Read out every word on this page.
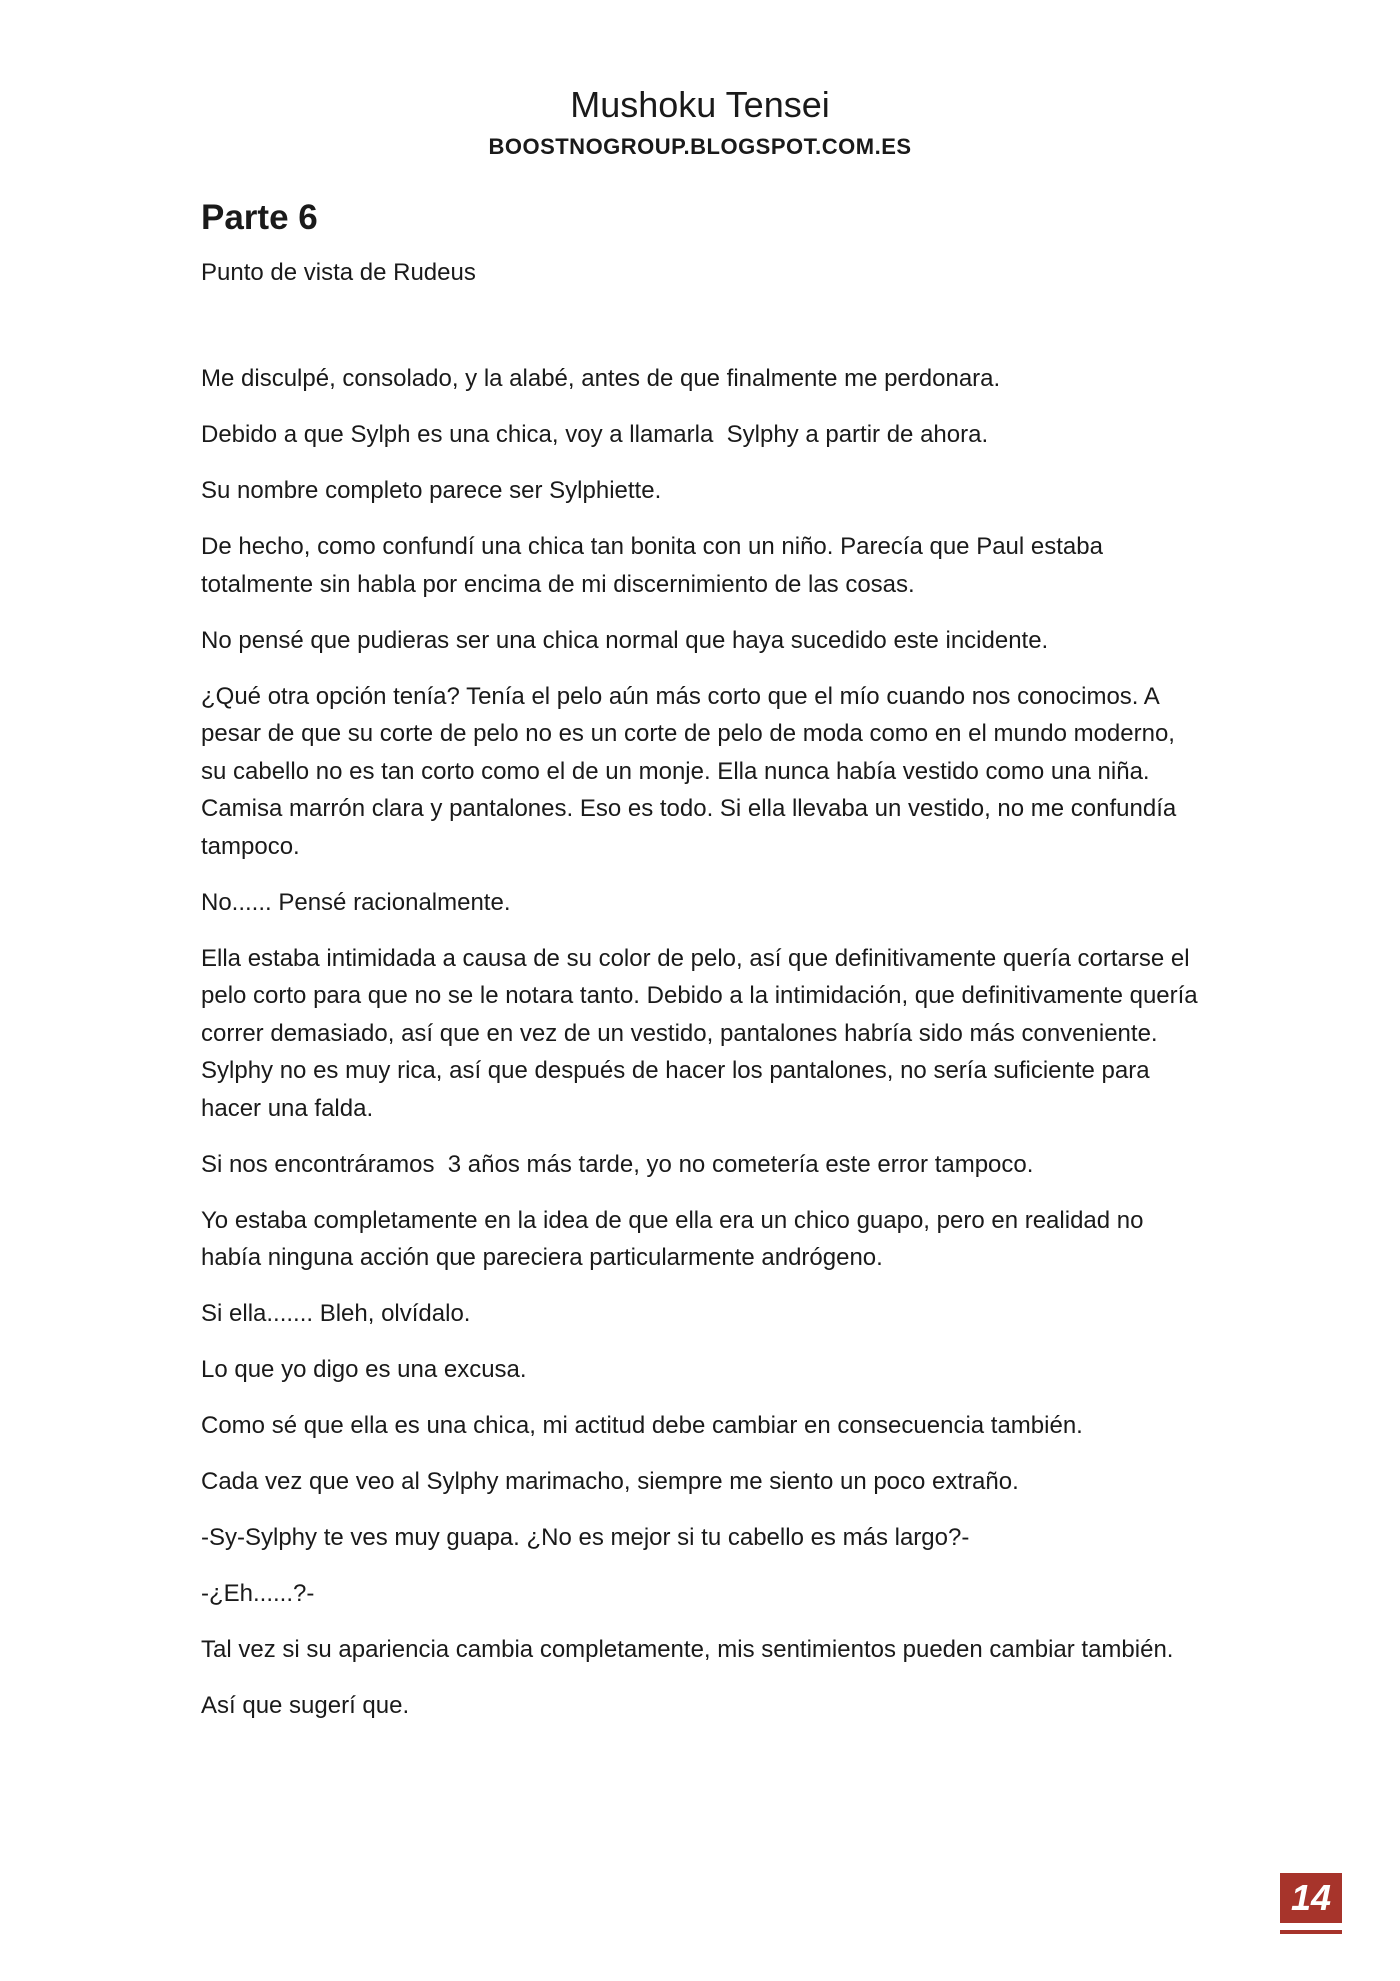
Mushoku Tensei
BOOSTNOGROUP.BLOGSPOT.COM.ES
Parte 6
Punto de vista de Rudeus

Me disculpé, consolado, y la alabé, antes de que finalmente me perdonara.

Debido a que Sylph es una chica, voy a llamarla  Sylphy a partir de ahora.

Su nombre completo parece ser Sylphiette.

De hecho, como confundí una chica tan bonita con un niño. Parecía que Paul estaba totalmente sin habla por encima de mi discernimiento de las cosas.

No pensé que pudieras ser una chica normal que haya sucedido este incidente.

¿Qué otra opción tenía? Tenía el pelo aún más corto que el mío cuando nos conocimos. A pesar de que su corte de pelo no es un corte de pelo de moda como en el mundo moderno, su cabello no es tan corto como el de un monje. Ella nunca había vestido como una niña. Camisa marrón clara y pantalones. Eso es todo. Si ella llevaba un vestido, no me confundía tampoco.

No...... Pensé racionalmente.

Ella estaba intimidada a causa de su color de pelo, así que definitivamente quería cortarse el pelo corto para que no se le notara tanto. Debido a la intimidación, que definitivamente quería correr demasiado, así que en vez de un vestido, pantalones habría sido más conveniente. Sylphy no es muy rica, así que después de hacer los pantalones, no sería suficiente para hacer una falda.

Si nos encontráramos  3 años más tarde, yo no cometería este error tampoco.

Yo estaba completamente en la idea de que ella era un chico guapo, pero en realidad no había ninguna acción que pareciera particularmente andrógeno.

Si ella....... Bleh, olvídalo.

Lo que yo digo es una excusa.

Como sé que ella es una chica, mi actitud debe cambiar en consecuencia también.

Cada vez que veo al Sylphy marimacho, siempre me siento un poco extraño.

-Sy-Sylphy te ves muy guapa. ¿No es mejor si tu cabello es más largo?-

-¿Eh......?-

Tal vez si su apariencia cambia completamente, mis sentimientos pueden cambiar también.

Así que sugerí que.

14
